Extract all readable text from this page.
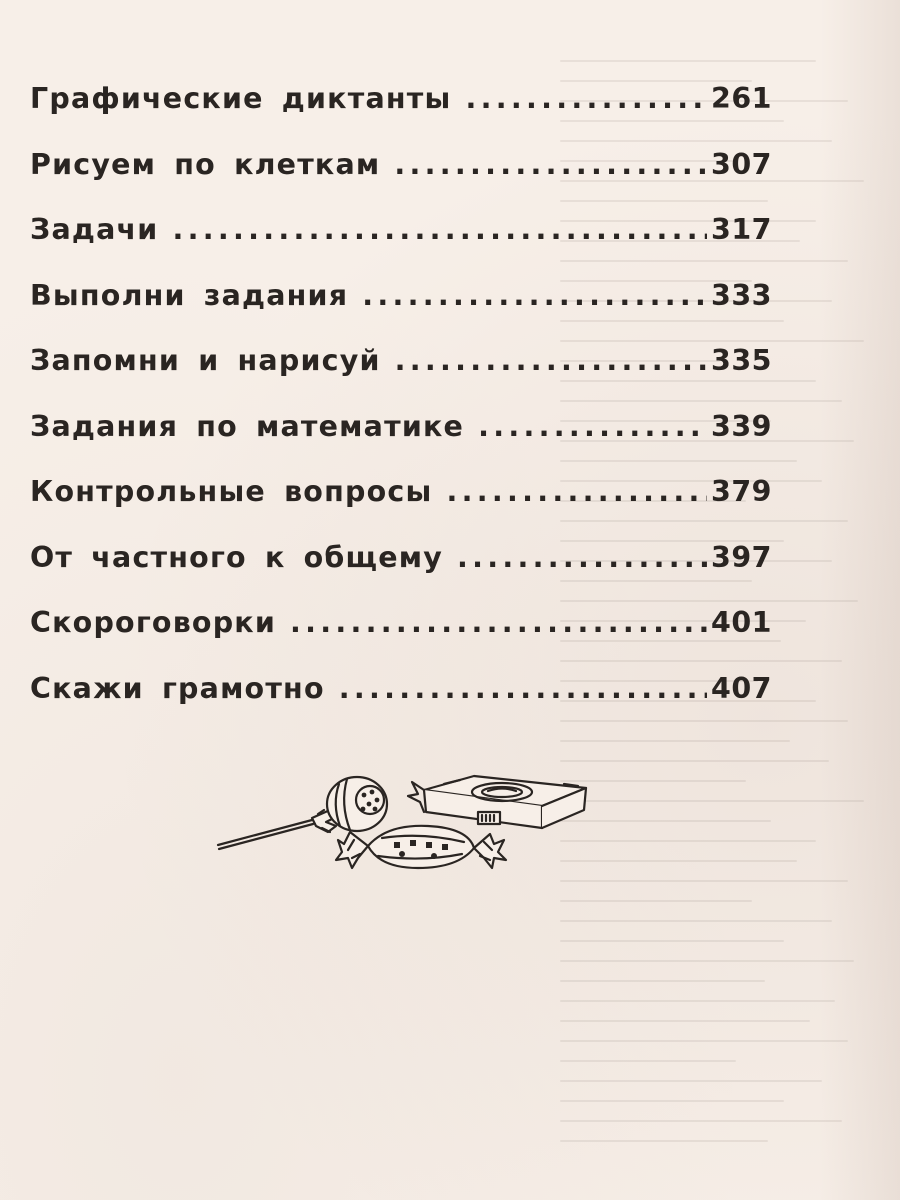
Графические диктанты .....	261
Рисуем по клеткам .....	307
Задачи .....	317
Выполни задания .....	333
Запомни и нарисуй .....	335
Задания по математике .....	339
Контрольные вопросы .....	379
От частного к общему .....	397
Скороговорки .....	401
Скажи грамотно .....	407
